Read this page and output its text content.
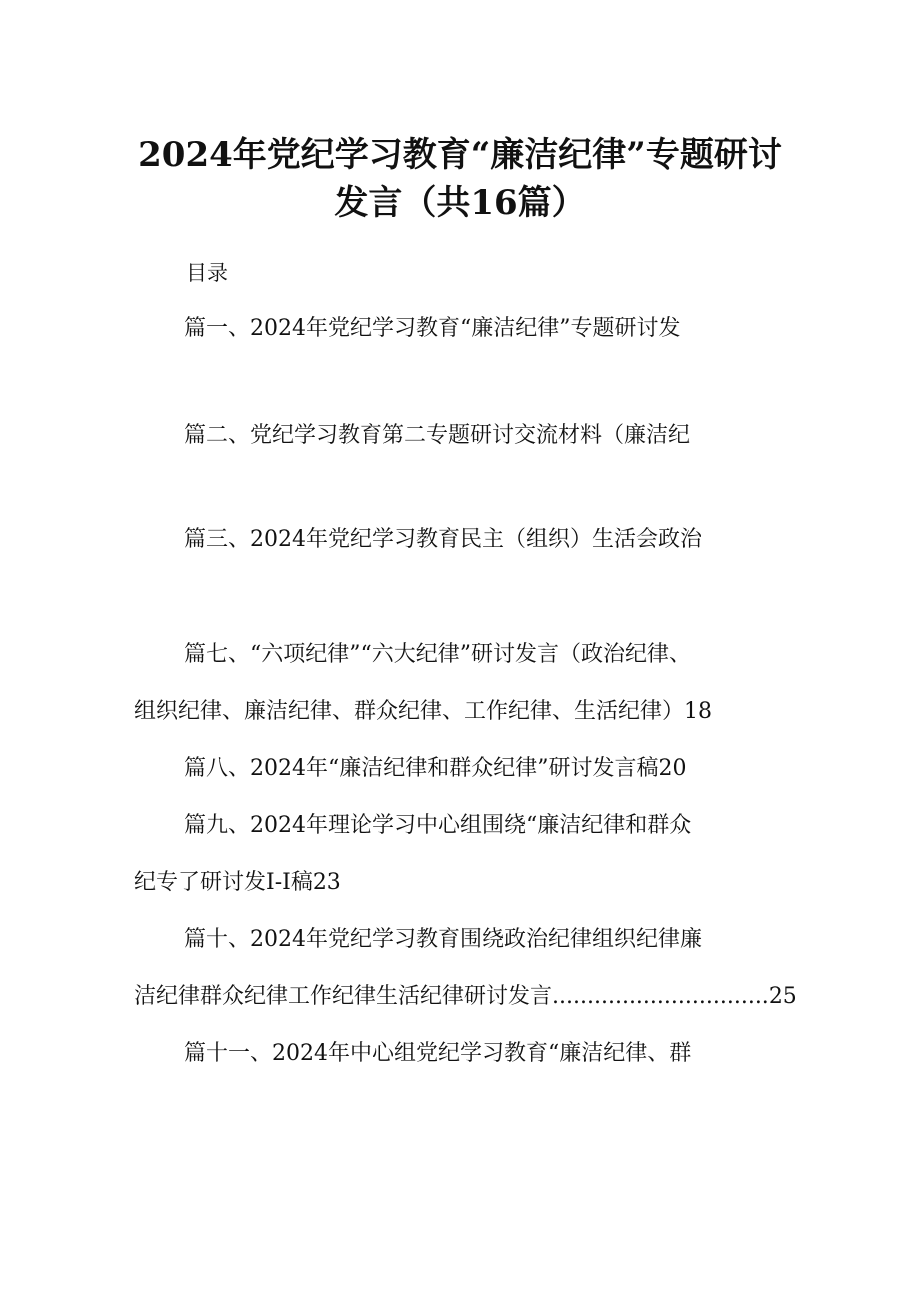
2024年党纪学习教育“廉洁纪律”专题研讨
发言（共16篇）
目录
篇一、2024年党纪学习教育“廉洁纪律”专题研讨发
篇二、党纪学习教育第二专题研讨交流材料（廉洁纪
篇三、2024年党纪学习教育民主（组织）生活会政治
篇七、“六项纪律”“六大纪律”研讨发言（政治纪律、
组织纪律、廉洁纪律、群众纪律、工作纪律、生活纪律）18
篇八、2024年“廉洁纪律和群众纪律”研讨发言稿20
篇九、2024年理论学习中心组围绕“廉洁纪律和群众
纪专了研讨发I-I稿23
篇十、2024年党纪学习教育围绕政治纪律组织纪律廉
洁纪律群众纪律工作纪律生活纪律研讨发言...............................25
篇十一、2024年中心组党纪学习教育“廉洁纪律、群
